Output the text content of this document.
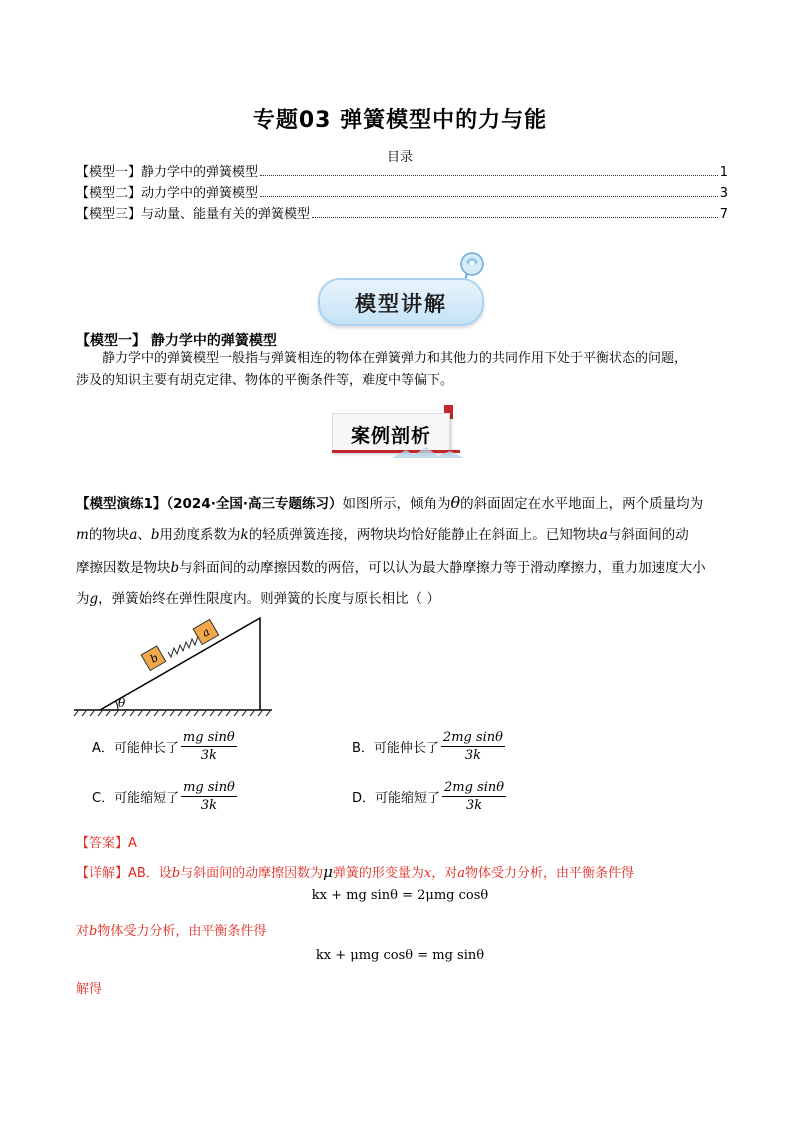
专题03 弹簧模型中的力与能
目录
【模型一】静力学中的弹簧模型	1
【模型二】动力学中的弹簧模型	3
【模型三】与动量、能量有关的弹簧模型	7
模型讲解
【模型一】 静力学中的弹簧模型
静力学中的弹簧模型一般指与弹簧相连的物体在弹簧弹力和其他力的共同作用下处于平衡状态的问题，
涉及的知识主要有胡克定律、物体的平衡条件等，难度中等偏下。
案例剖析
【模型演练1】（2024·全国·高三专题练习）如图所示，倾角为θ的斜面固定在水平地面上，两个质量均为
m的物块a、b用劲度系数为k的轻质弹簧连接，两物块均恰好能静止在斜面上。已知物块a与斜面间的动
摩擦因数是物块b与斜面间的动摩擦因数的两倍，可以认为最大静摩擦力等于滑动摩擦力，重力加速度大小
为g，弹簧始终在弹性限度内。则弹簧的长度与原长相比（ ）
θ
b
a
A．可能伸长了 $\frac{\text{mg sinθ}}{3k}$	B．可能伸长了 $\frac{\text{2mg sinθ}}{3k}$
C．可能缩短了 $\frac{\text{mg sinθ}}{3k}$	D．可能缩短了 $\frac{\text{2mg sinθ}}{3k}$
【答案】A
【详解】AB．设b与斜面间的动摩擦因数为μ弹簧的形变量为x，对a物体受力分析，由平衡条件得
kx + mg sinθ = 2μmg cosθ
对b物体受力分析，由平衡条件得
kx + μmg cosθ = mg sinθ
解得
